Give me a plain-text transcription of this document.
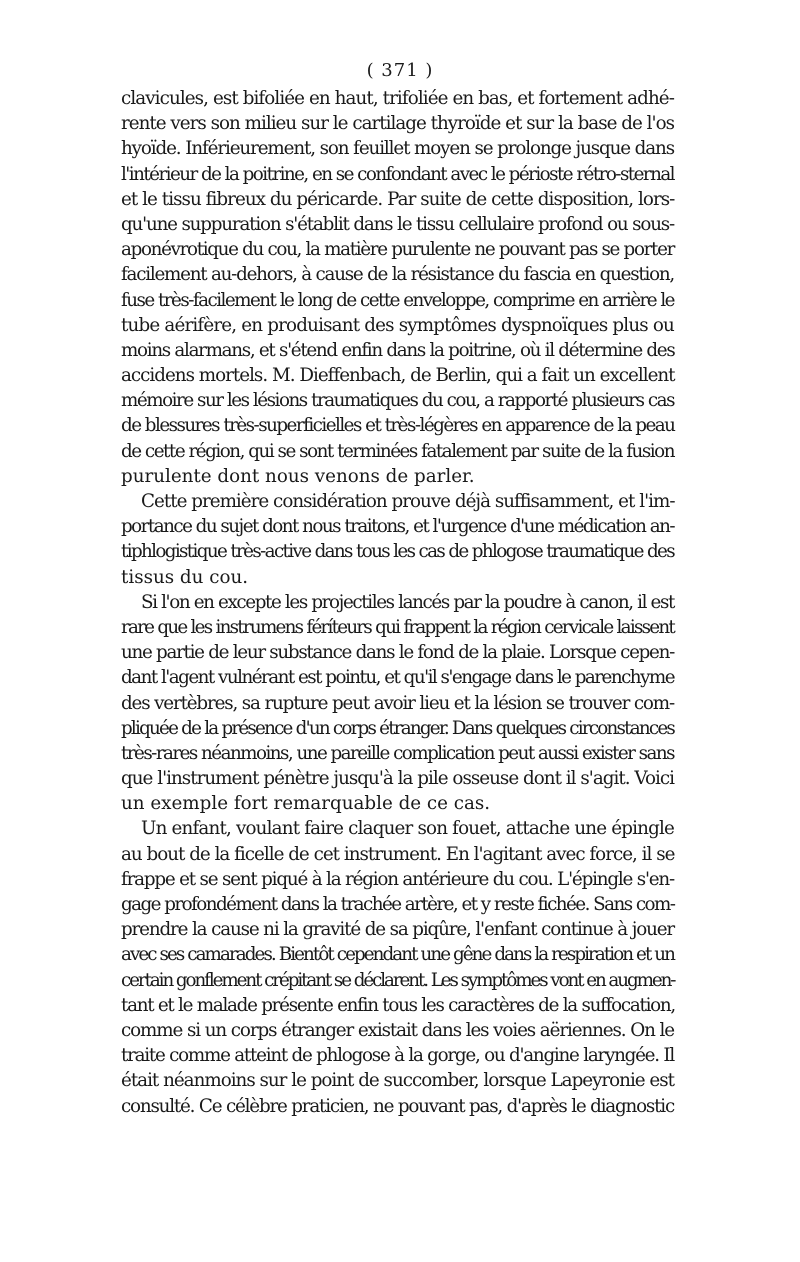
( 371 )
clavicules, est bifoliée en haut, trifoliée en bas, et fortement adhé-
rente vers son milieu sur le cartilage thyroïde et sur la base de l'os
hyoïde. Inférieurement, son feuillet moyen se prolonge jusque dans
l'intérieur de la poitrine, en se confondant avec le périoste rétro-sternal
et le tissu fibreux du péricarde. Par suite de cette disposition, lors-
qu'une suppuration s'établit dans le tissu cellulaire profond ou sous-
aponévrotique du cou, la matière purulente ne pouvant pas se porter
facilement au-dehors, à cause de la résistance du fascia en question,
fuse très-facilement le long de cette enveloppe, comprime en arrière le
tube aérifère, en produisant des symptômes dyspnoïques plus ou
moins alarmans, et s'étend enfin dans la poitrine, où il détermine des
accidens mortels. M. Dieffenbach, de Berlin, qui a fait un excellent
mémoire sur les lésions traumatiques du cou, a rapporté plusieurs cas
de blessures très-superficielles et très-légères en apparence de la peau
de cette région, qui se sont terminées fatalement par suite de la fusion
purulente dont nous venons de parler.
Cette première considération prouve déjà suffisamment, et l'im-
portance du sujet dont nous traitons, et l'urgence d'une médication an-
tiphlogistique très-active dans tous les cas de phlogose traumatique des
tissus du cou.
Si l'on en excepte les projectiles lancés par la poudre à canon, il est
rare que les instrumens féríteurs qui frappent la région cervicale laissent
une partie de leur substance dans le fond de la plaie. Lorsque cepen-
dant l'agent vulnérant est pointu, et qu'il s'engage dans le parenchyme
des vertèbres, sa rupture peut avoir lieu et la lésion se trouver com-
pliquée de la présence d'un corps étranger. Dans quelques circonstances
très-rares néanmoins, une pareille complication peut aussi exister sans
que l'instrument pénètre jusqu'à la pile osseuse dont il s'agit. Voici
un exemple fort remarquable de ce cas.
Un enfant, voulant faire claquer son fouet, attache une épingle
au bout de la ficelle de cet instrument. En l'agitant avec force, il se
frappe et se sent piqué à la région antérieure du cou. L'épingle s'en-
gage profondément dans la trachée artère, et y reste fichée. Sans com-
prendre la cause ni la gravité de sa piqûre, l'enfant continue à jouer
avec ses camarades. Bientôt cependant une gêne dans la respiration et un
certain gonflement crépitant se déclarent. Les symptômes vont en augmen-
tant et le malade présente enfin tous les caractères de la suffocation,
comme si un corps étranger existait dans les voies aëriennes. On le
traite comme atteint de phlogose à la gorge, ou d'angine laryngée. Il
était néanmoins sur le point de succomber, lorsque Lapeyronie est
consulté. Ce célèbre praticien, ne pouvant pas, d'après le diagnostic
